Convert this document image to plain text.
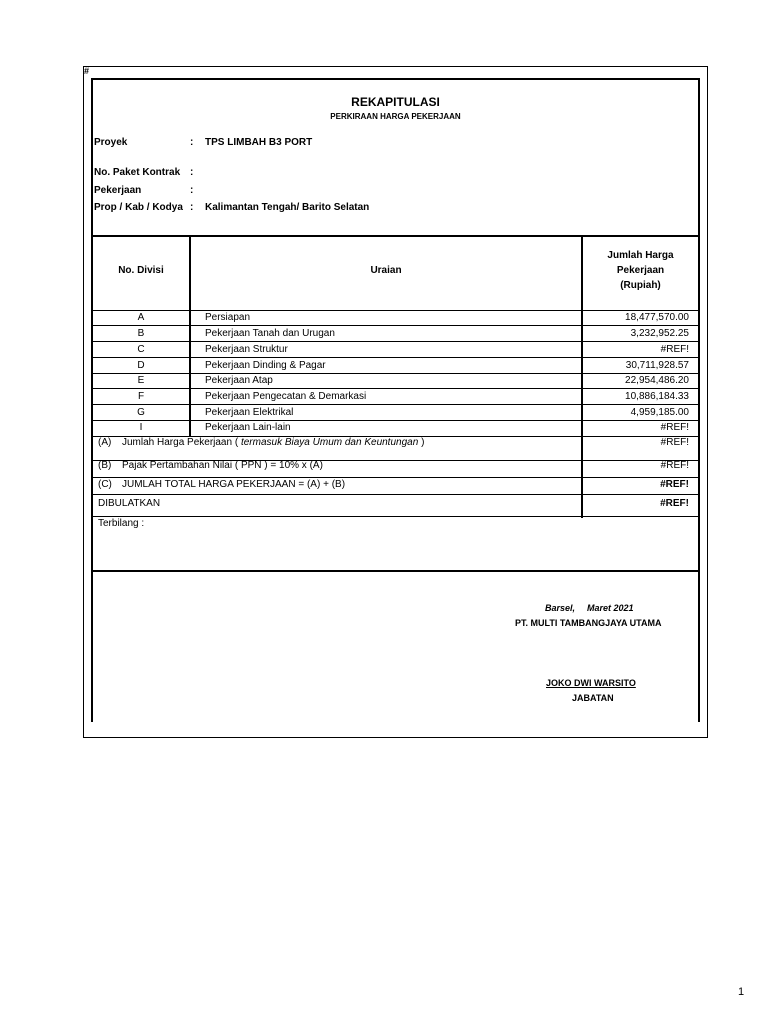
#
REKAPITULASI
PERKIRAAN HARGA PEKERJAAN
Proyek	: TPS LIMBAH B3 PORT
No. Paket Kontrak :
Pekerjaan	:
Prop / Kab / Kodya : Kalimantan Tengah/ Barito Selatan
No. Divisi	Uraian
Jumlah Harga
Pekerjaan
(Rupiah)
A	Persiapan	18,477,570.00
B	Pekerjaan Tanah dan Urugan	3,232,952.25
C	Pekerjaan Struktur	#REF!
D	Pekerjaan Dinding & Pagar	30,711,928.57
E	Pekerjaan Atap	22,954,486.20
F	Pekerjaan Pengecatan & Demarkasi	10,886,184.33
G	Pekerjaan Elektrikal	4,959,185.00
I	Pekerjaan Lain-lain	#REF!
(A) Jumlah Harga Pekerjaan ( termasuk Biaya Umum dan Keuntungan )	#REF!
(B) Pajak Pertambahan Nilai ( PPN ) = 10% x (A)	#REF!
(C) JUMLAH TOTAL HARGA PEKERJAAN = (A) + (B)	#REF!
DIBULATKAN	#REF!
Terbilang :
Barsel, Maret 2021
PT. MULTI TAMBANGJAYA UTAMA
JOKO DWI WARSITO
JABATAN
1
